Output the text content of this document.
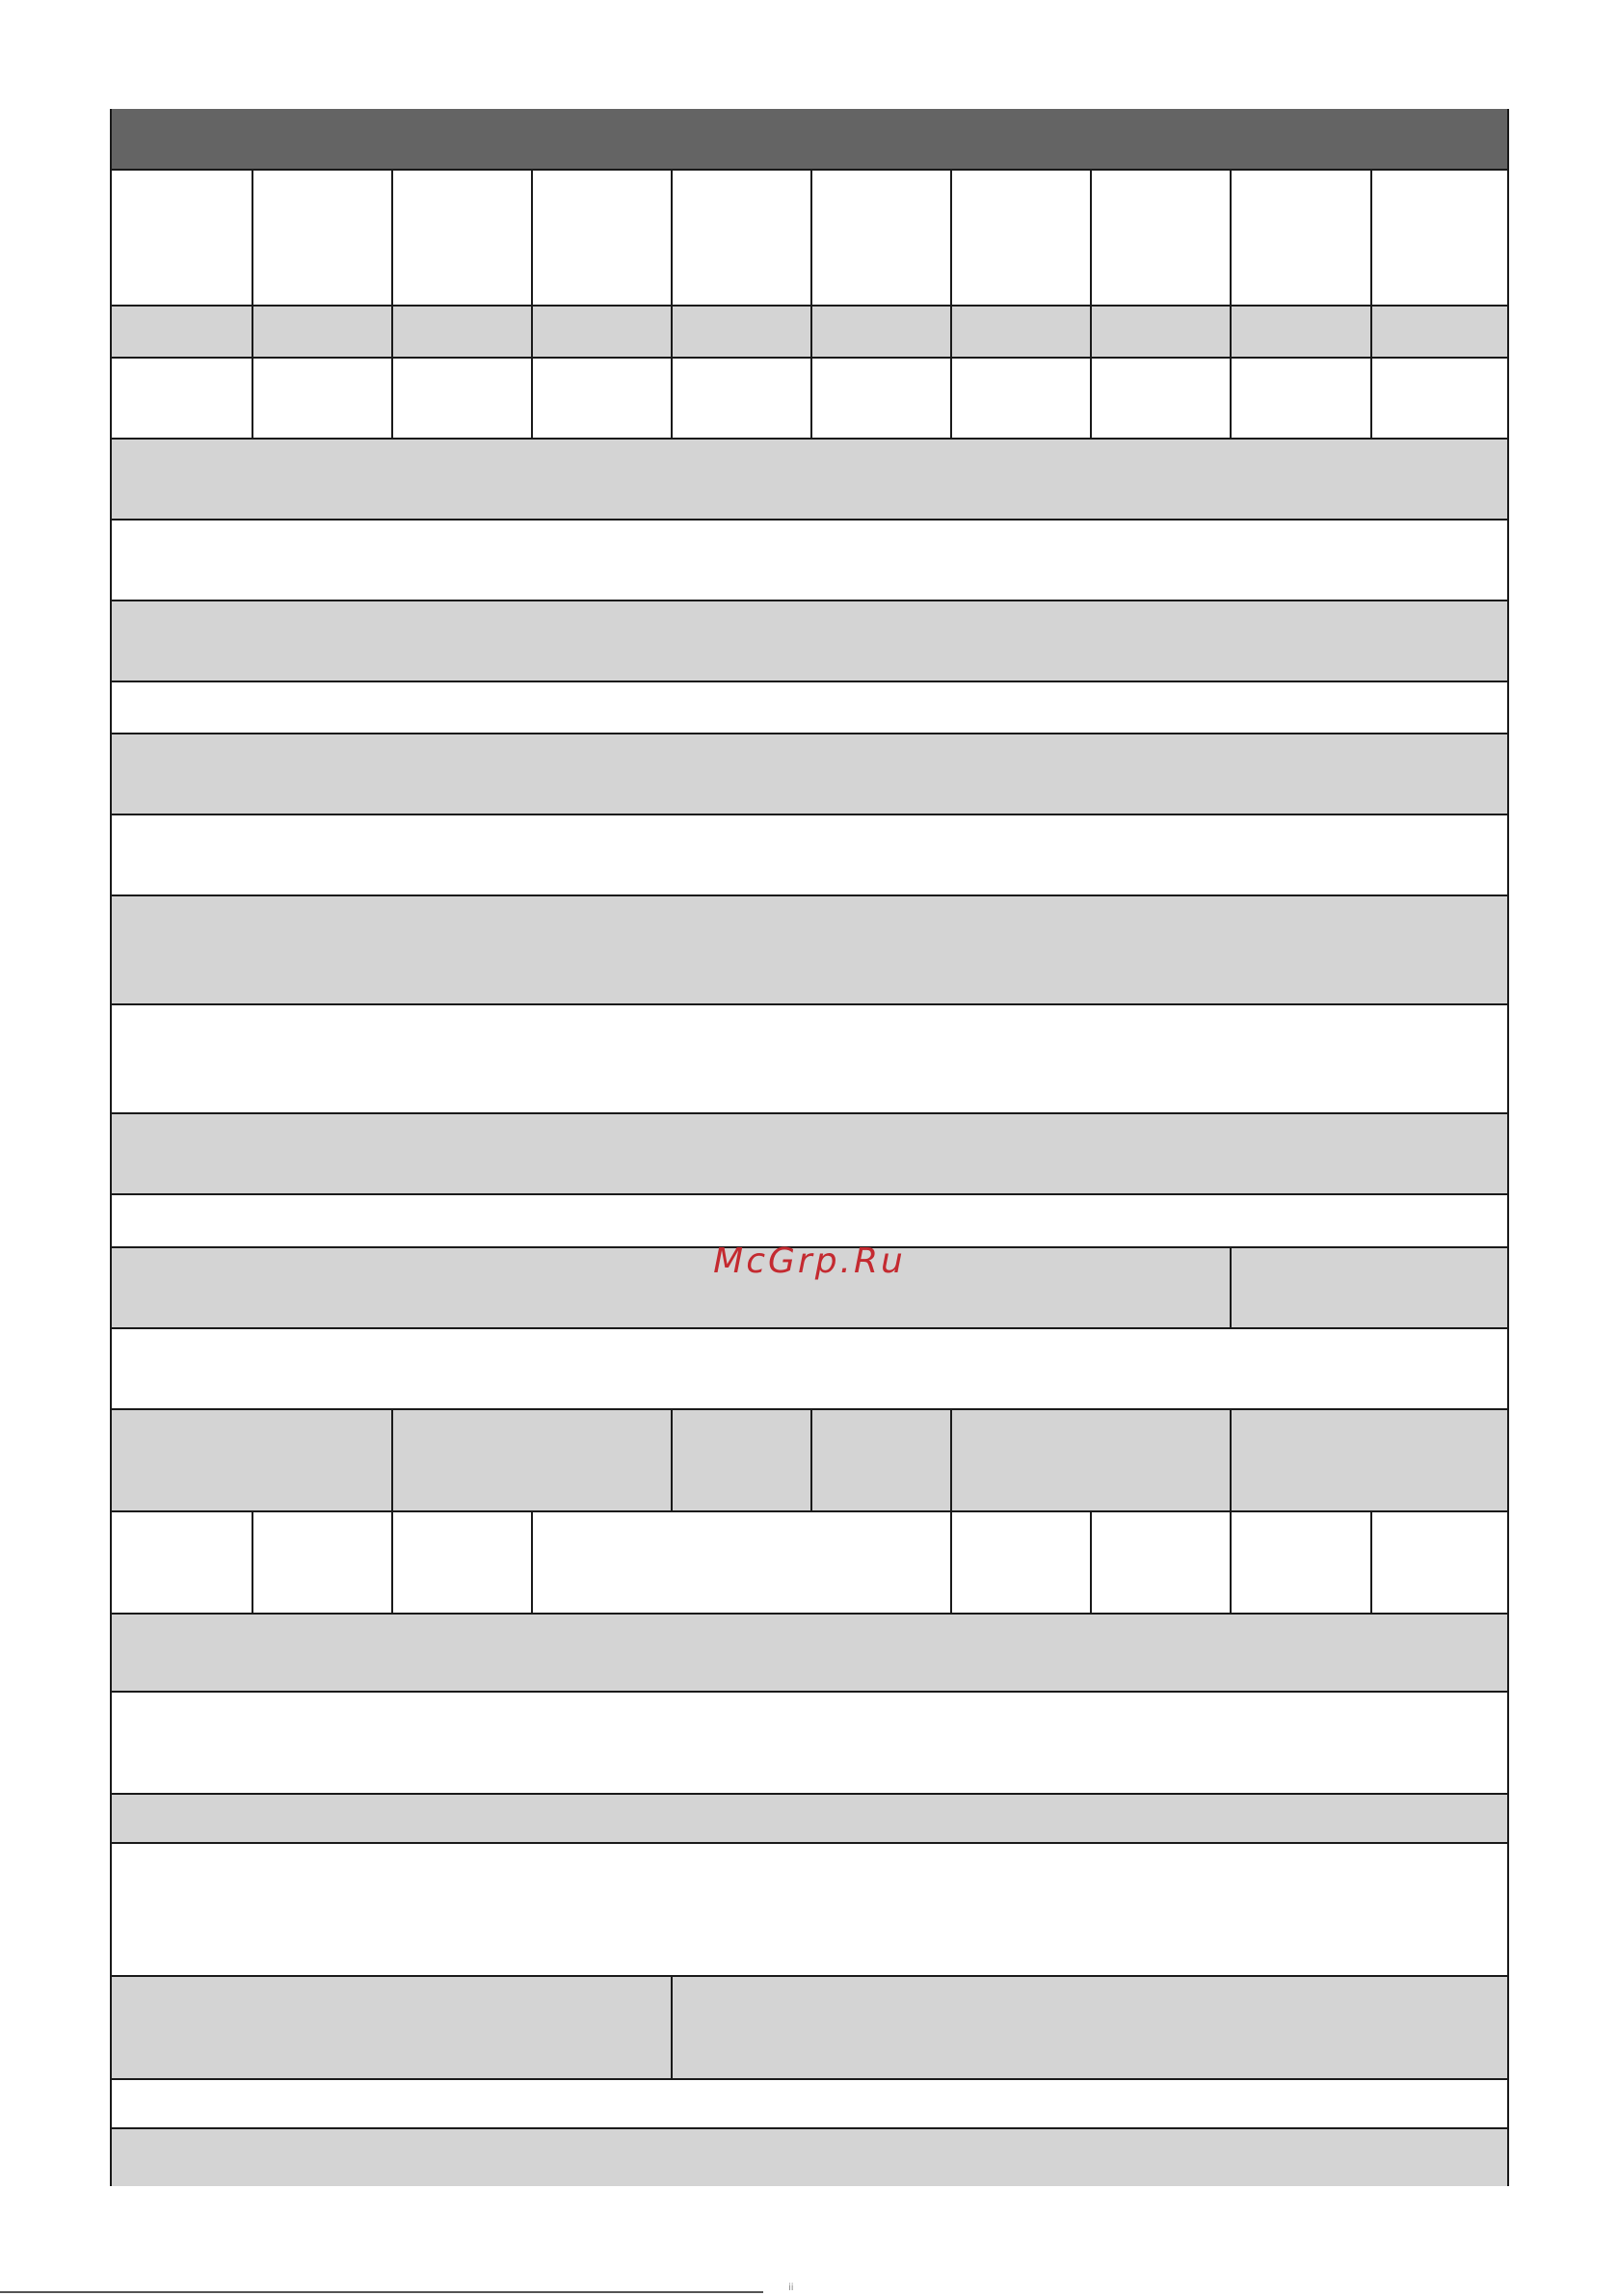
McGrp.Ru
ii
